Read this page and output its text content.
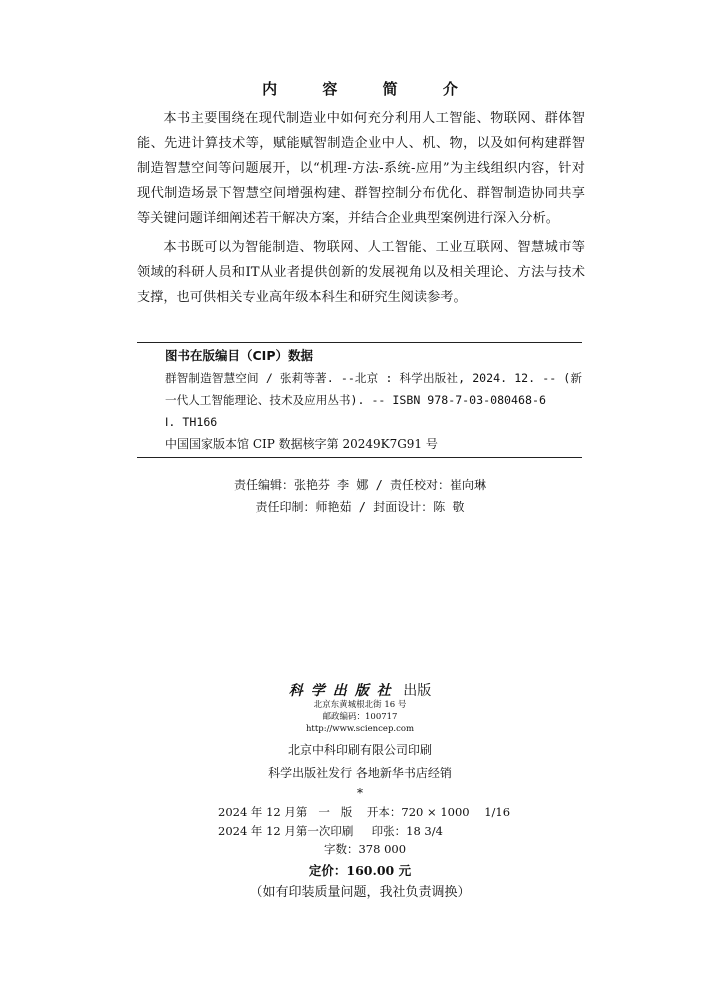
内 容 简 介

本书主要围绕在现代制造业中如何充分利用人工智能、物联网、群体智能、先进计算技术等，赋能赋智制造企业中人、机、物，以及如何构建群智制造智慧空间等问题展开，以“机理-方法-系统-应用”为主线组织内容，针对现代制造场景下智慧空间增强构建、群智控制分布优化、群智制造协同共享等关键问题详细阐述若干解决方案，并结合企业典型案例进行深入分析。

本书既可以为智能制造、物联网、人工智能、工业互联网、智慧城市等领域的科研人员和IT从业者提供创新的发展视角以及相关理论、方法与技术支撑，也可供相关专业高年级本科生和研究生阅读参考。

图书在版编目（CIP）数据

群智制造智慧空间 / 张莉等著. --北京 : 科学出版社, 2024. 12. -- (新一代人工智能理论、技术及应用丛书). -- ISBN 978-7-03-080468-6

Ⅰ. TH166
中国国家版本馆 CIP 数据核字第 20249K7G91 号
责任编辑：张艳芬 李 娜 / 责任校对：崔向琳
责任印制：师艳茹 / 封面设计：陈 敬
科学出版社 出版
北京东黄城根北街 16 号
邮政编码：100717
http://www.sciencep.com
北京中科印刷有限公司印刷
科学出版社发行 各地新华书店经销
*
2024 年 12 月第   一   版    开本：720 × 1000    1/16
2024 年 12 月第一次印刷     印张：18 3/4
字数：378 000
定价：160.00 元
（如有印装质量问题，我社负责调换）
